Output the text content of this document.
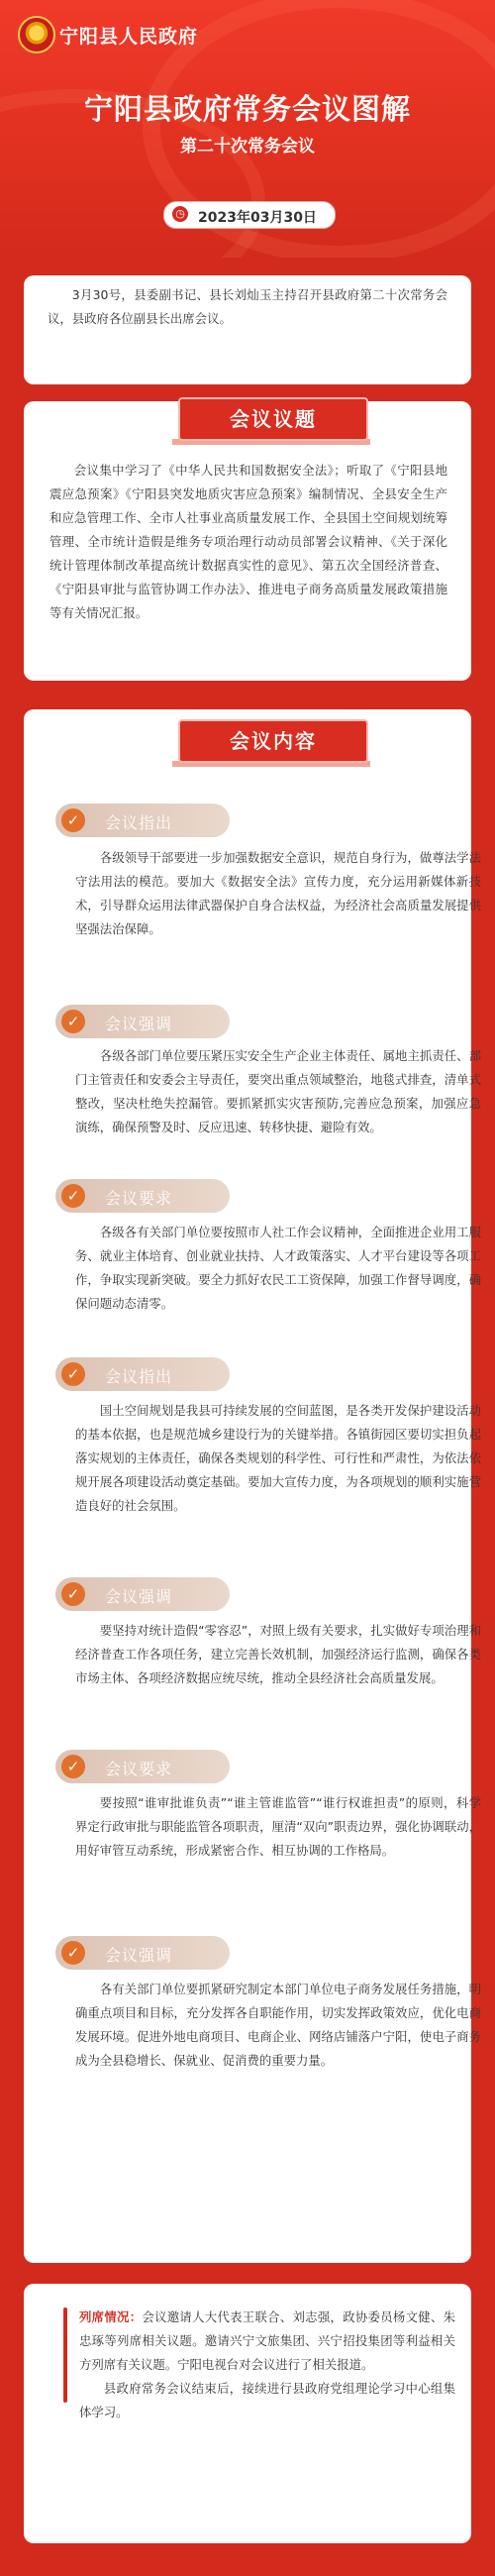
宁阳县人民政府
宁阳县政府常务会议图解
第二十次常务会议
◷ 2023年03月30日

3月30号，县委副书记、县长刘灿玉主持召开县政府第二十次常务会议，县政府各位副县长出席会议。

会议议题

会议集中学习了《中华人民共和国数据安全法》；听取了《宁阳县地震应急预案》《宁阳县突发地质灾害应急预案》编制情况、全县安全生产和应急管理工作、全市人社事业高质量发展工作、全县国土空间规划统筹管理、全市统计造假是维务专项治理行动动员部署会议精神、《关于深化统计管理体制改革提高统计数据真实性的意见》、第五次全国经济普查、《宁阳县审批与监管协调工作办法》、推进电子商务高质量发展政策措施等有关情况汇报。

会议内容
✓	会议指出

各级领导干部要进一步加强数据安全意识，规范自身行为，做尊法学法守法用法的模范。要加大《数据安全法》宣传力度，充分运用新媒体新技术，引导群众运用法律武器保护自身合法权益，为经济社会高质量发展提供坚强法治保障。

✓	会议强调

各级各部门单位要压紧压实安全生产企业主体责任、属地主抓责任、部门主管责任和安委会主导责任，要突出重点领域整治，地毯式排查，清单式整改，坚决杜绝失控漏管。要抓紧抓实灾害预防,完善应急预案，加强应急演练，确保预警及时、反应迅速、转移快捷、避险有效。

✓	会议要求

各级各有关部门单位要按照市人社工作会议精神，全面推进企业用工服务、就业主体培育、创业就业扶持、人才政策落实、人才平台建设等各项工作，争取实现新突破。要全力抓好农民工工资保障，加强工作督导调度，确保问题动态清零。

✓	会议指出

国土空间规划是我县可持续发展的空间蓝图，是各类开发保护建设活动的基本依据，也是规范城乡建设行为的关键举措。各镇街园区要切实担负起落实规划的主体责任，确保各类规划的科学性、可行性和严肃性，为依法依规开展各项建设活动奠定基础。要加大宣传力度，为各项规划的顺利实施营造良好的社会氛围。

✓	会议强调

要坚持对统计造假“零容忍”，对照上级有关要求，扎实做好专项治理和经济普查工作各项任务，建立完善长效机制，加强经济运行监测，确保各类市场主体、各项经济数据应统尽统，推动全县经济社会高质量发展。

✓	会议要求

要按照“谁审批谁负责”“谁主管谁监管”“谁行权谁担责”的原则，科学界定行政审批与职能监管各项职责，厘清“双向”职责边界，强化协调联动，用好审管互动系统，形成紧密合作、相互协调的工作格局。

✓	会议强调

各有关部门单位要抓紧研究制定本部门单位电子商务发展任务措施，明确重点项目和目标，充分发挥各自职能作用，切实发挥政策效应，优化电商发展环境。促进外地电商项目、电商企业、网络店铺落户宁阳，使电子商务成为全县稳增长、保就业、促消费的重要力量。

列席情况：会议邀请人大代表王联合、刘志强，政协委员杨文健、朱忠琢等列席相关议题。邀请兴宁文旅集团、兴宁招投集团等利益相关方列席有关议题。宁阳电视台对会议进行了相关报道。

县政府常务会议结束后，接续进行县政府党组理论学习中心组集体学习。
